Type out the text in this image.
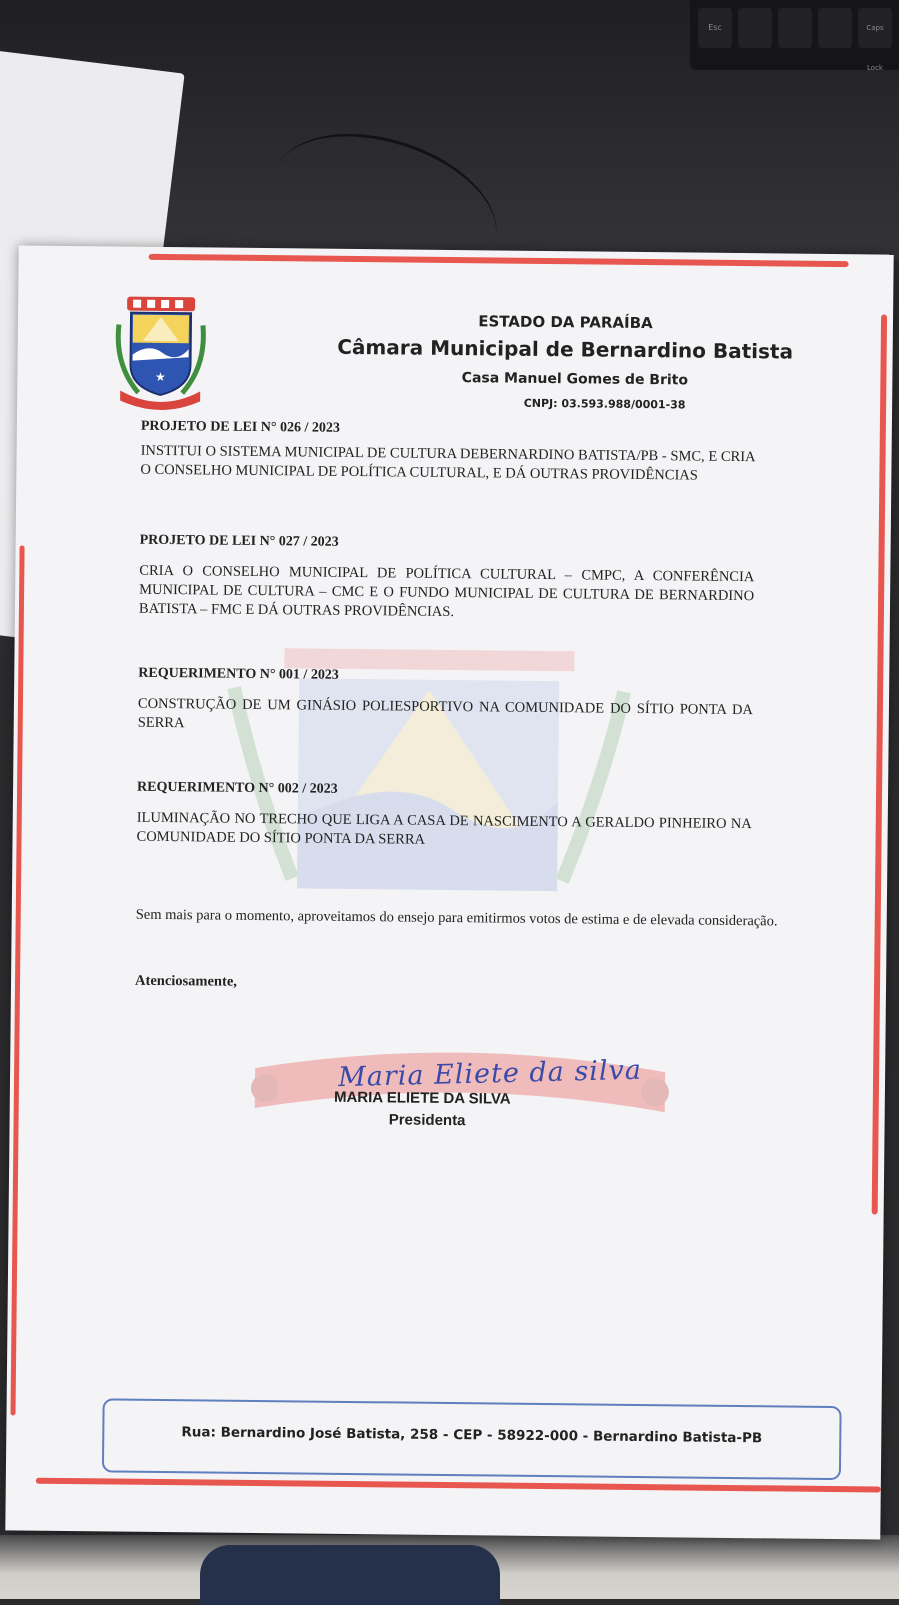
Esc	Caps Lock
★
ESTADO DA PARAÍBA
Câmara Municipal de Bernardino Batista
Casa Manuel Gomes de Brito
CNPJ: 03.593.988/0001-38

PROJETO DE LEI N° 026 / 2023

INSTITUI O SISTEMA MUNICIPAL DE CULTURA DEBERNARDINO BATISTA/PB - SMC, E CRIA O CONSELHO MUNICIPAL DE POLÍTICA CULTURAL, E DÁ OUTRAS PROVIDÊNCIAS

PROJETO DE LEI N° 027 / 2023

CRIA O CONSELHO MUNICIPAL DE POLÍTICA CULTURAL – CMPC, A CONFERÊNCIA MUNICIPAL DE CULTURA – CMC E O FUNDO MUNICIPAL DE CULTURA DE BERNARDINO BATISTA – FMC E DÁ OUTRAS PROVIDÊNCIAS.

REQUERIMENTO N° 001 / 2023

CONSTRUÇÃO DE UM GINÁSIO POLIESPORTIVO NA COMUNIDADE DO SÍTIO PONTA DA SERRA

REQUERIMENTO N° 002 / 2023

ILUMINAÇÃO NO TRECHO QUE LIGA A CASA DE NASCIMENTO A GERALDO PINHEIRO NA COMUNIDADE DO SÍTIO PONTA DA SERRA

Sem mais para o momento, aproveitamos do ensejo para emitirmos votos de estima e de elevada consideração.
Atenciosamente,
Maria Eliete da silva
MARIA ELIETE DA SILVA
Presidenta
Rua: Bernardino José Batista, 258 - CEP - 58922-000 - Bernardino Batista-PB
